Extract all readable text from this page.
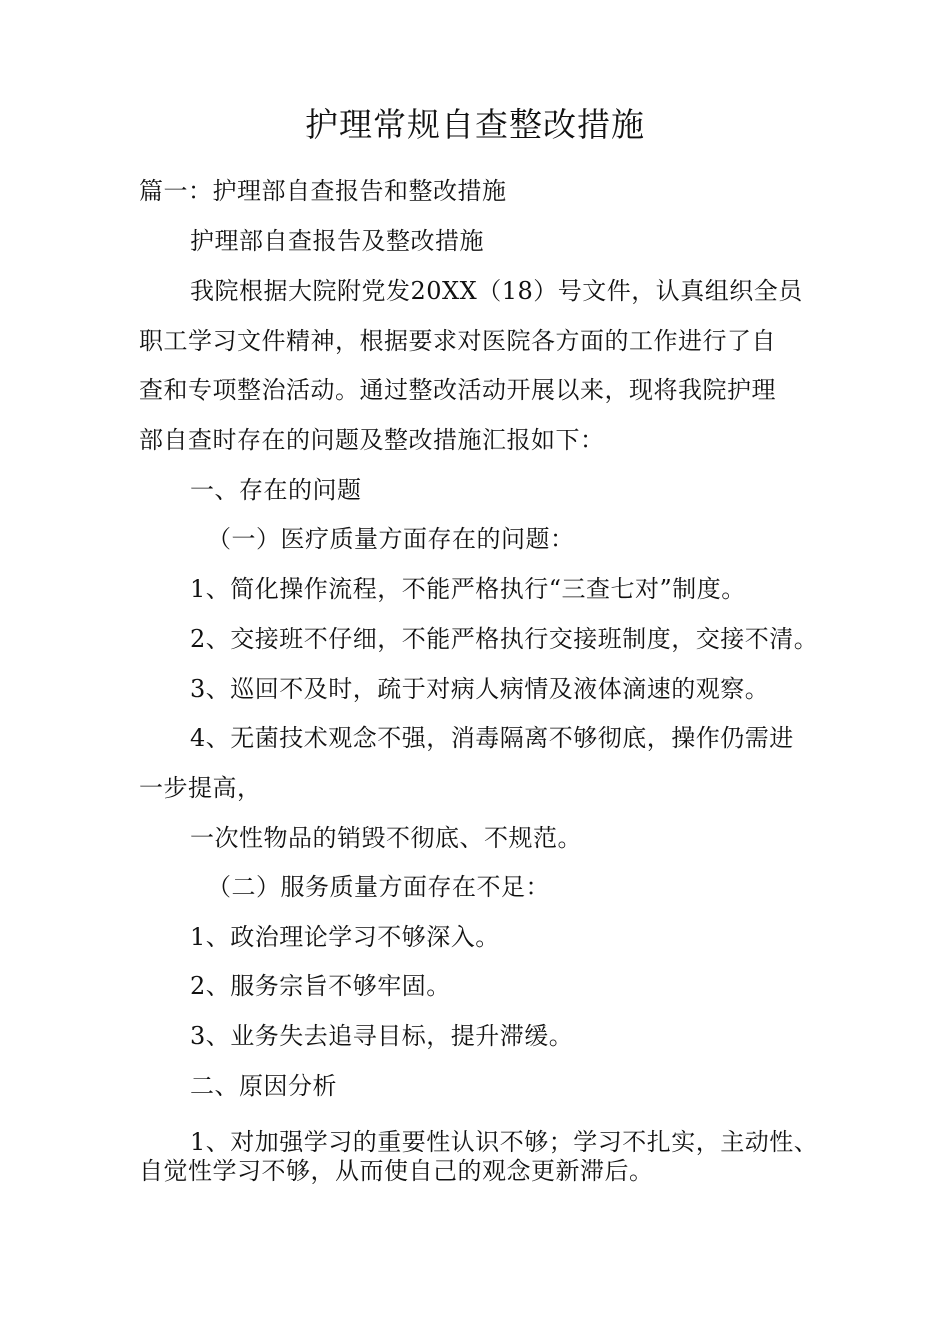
护理常规自查整改措施

篇一：护理部自查报告和整改措施

护理部自查报告及整改措施

我院根据大院附党发20XX（18）号文件，认真组织全员

职工学习文件精神，根据要求对医院各方面的工作进行了自

查和专项整治活动。通过整改活动开展以来，现将我院护理

部自查时存在的问题及整改措施汇报如下：

一、存在的问题

（一）医疗质量方面存在的问题：

1、简化操作流程，不能严格执行“三查七对”制度。

2、交接班不仔细，不能严格执行交接班制度，交接不清。

3、巡回不及时，疏于对病人病情及液体滴速的观察。

4、无菌技术观念不强，消毒隔离不够彻底，操作仍需进

一步提高，

一次性物品的销毁不彻底、不规范。

（二）服务质量方面存在不足：

1、政治理论学习不够深入。

2、服务宗旨不够牢固。

3、业务失去追寻目标，提升滞缓。

二、原因分析

1、对加强学习的重要性认识不够；学习不扎实，主动性、

自觉性学习不够，从而使自己的观念更新滞后。
